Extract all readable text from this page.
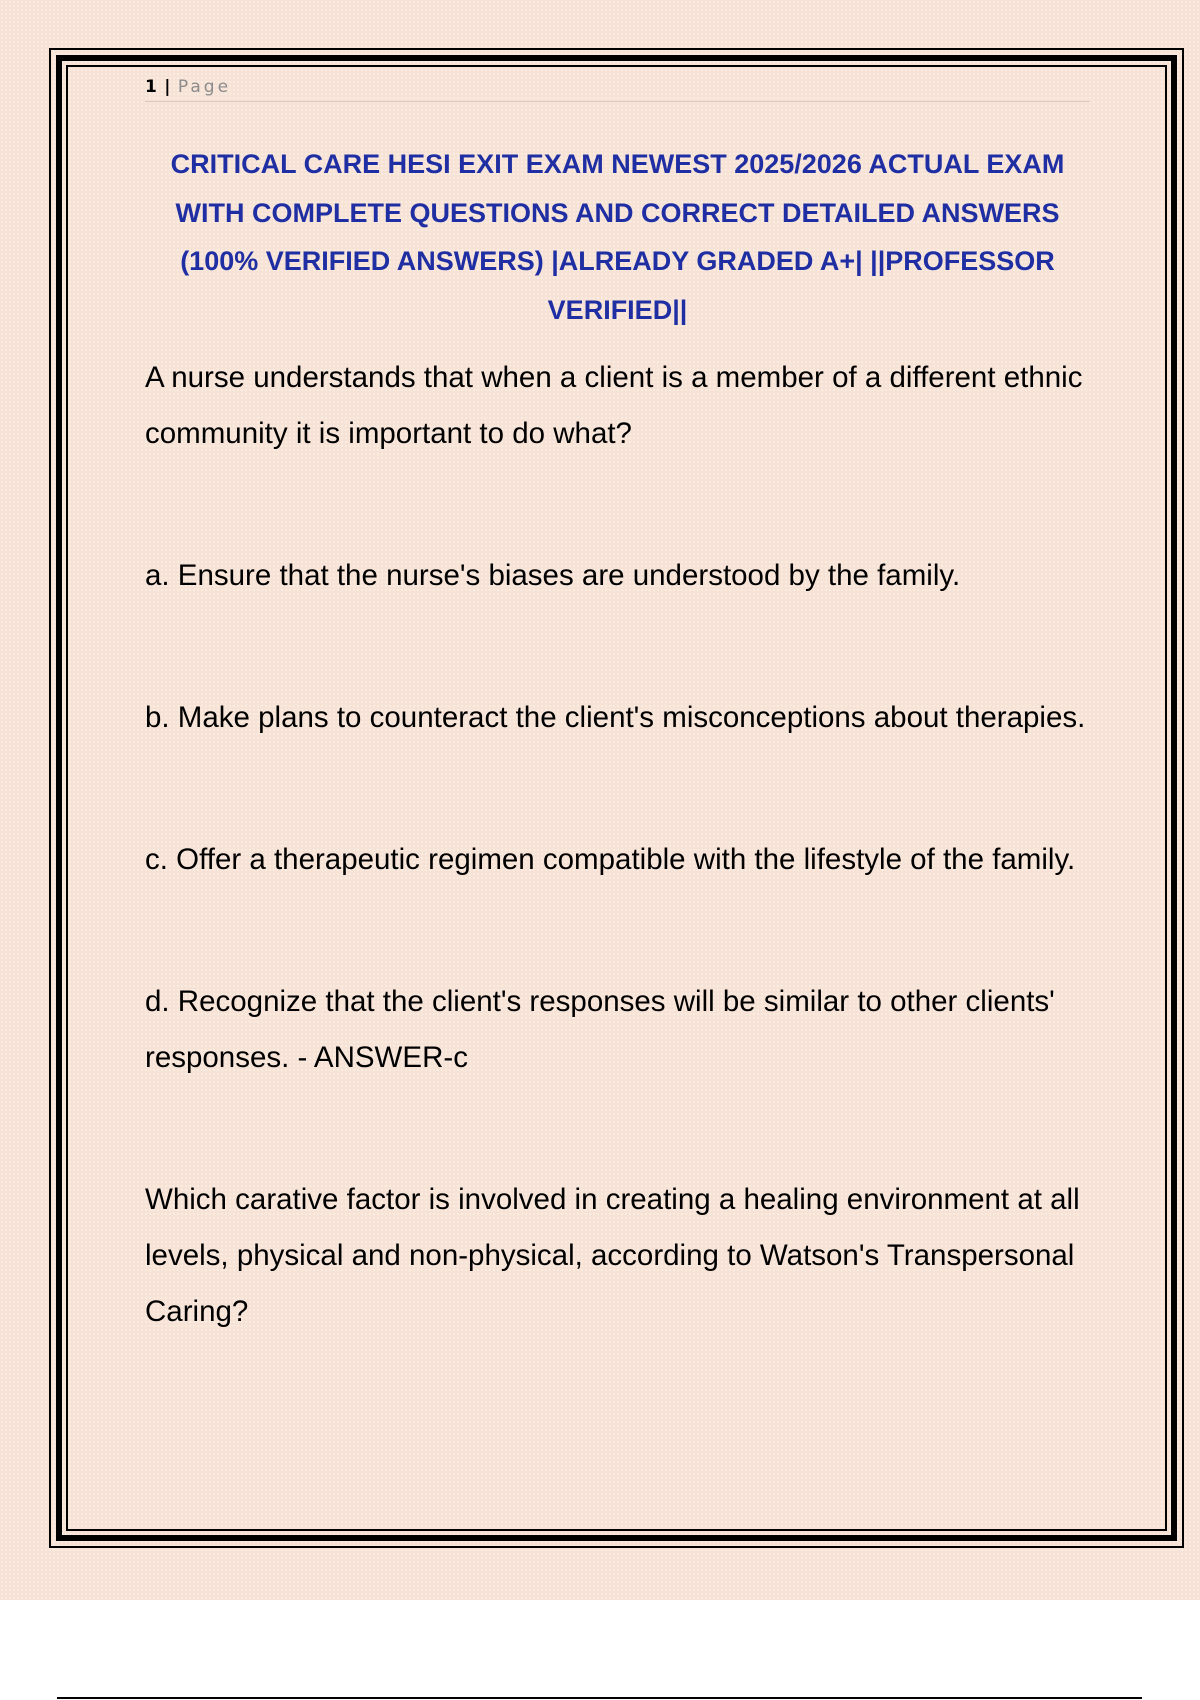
1 | Page
CRITICAL CARE HESI EXIT EXAM NEWEST 2025/2026 ACTUAL EXAM WITH COMPLETE QUESTIONS AND CORRECT DETAILED ANSWERS (100% VERIFIED ANSWERS) |ALREADY GRADED A+| ||PROFESSOR VERIFIED||

A nurse understands that when a client is a member of a different ethnic community it is important to do what?

a. Ensure that the nurse's biases are understood by the family.

b. Make plans to counteract the client's misconceptions about therapies.

c. Offer a therapeutic regimen compatible with the lifestyle of the family.

d. Recognize that the client's responses will be similar to other clients' responses. - ANSWER-c

Which carative factor is involved in creating a healing environment at all levels, physical and non-physical, according to Watson's Transpersonal Caring?
